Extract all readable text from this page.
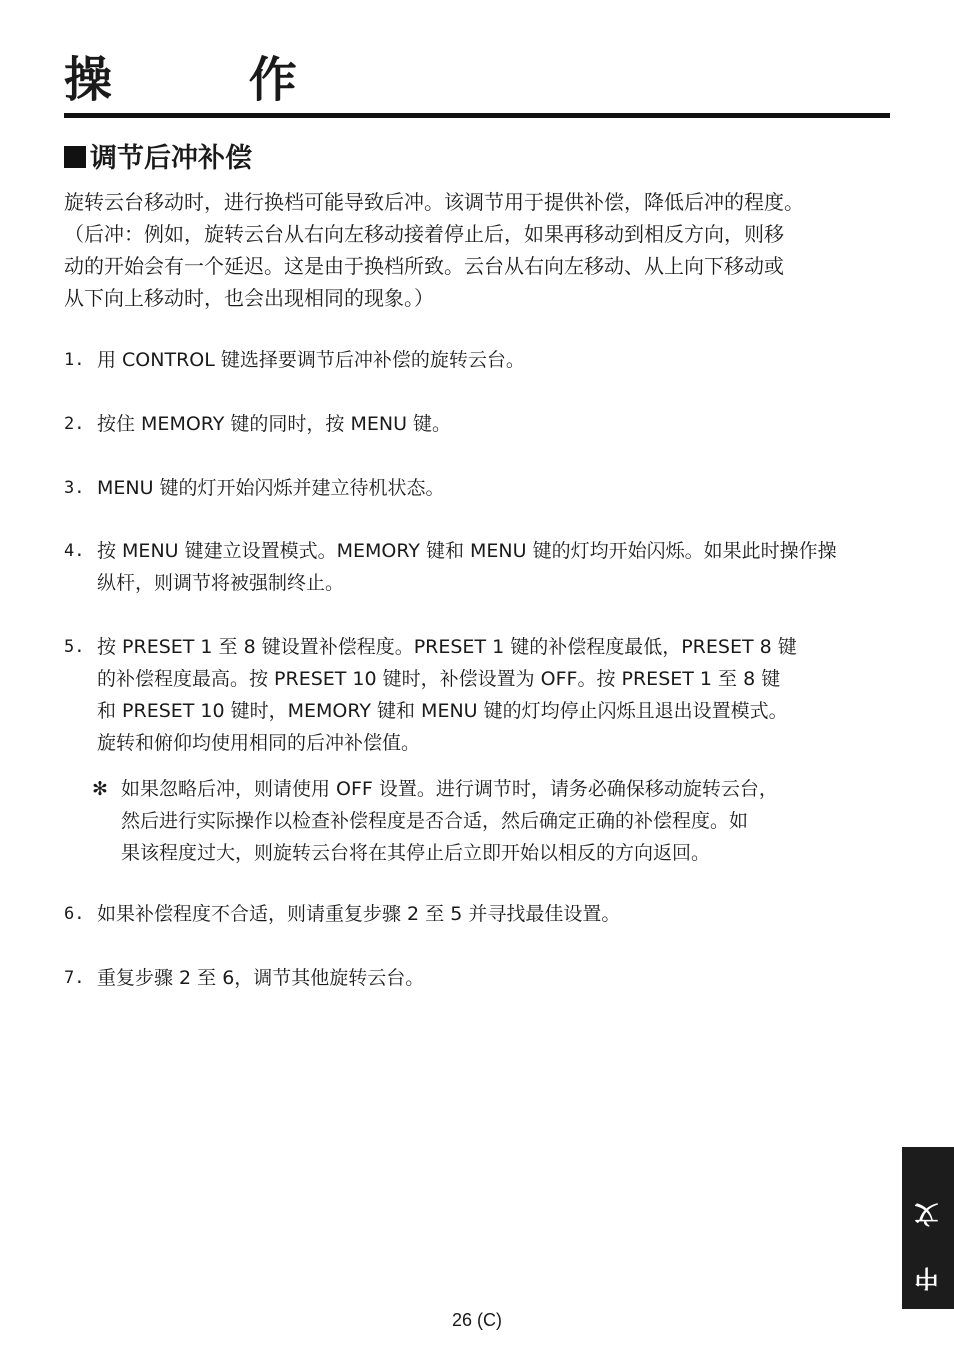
操 作
调节后冲补偿
旋转云台移动时，进行换档可能导致后冲。该调节用于提供补偿，降低后冲的程度。
（后冲：例如，旋转云台从右向左移动接着停止后，如果再移动到相反方向，则移
动的开始会有一个延迟。这是由于换档所致。云台从右向左移动、从上向下移动或
从下向上移动时，也会出现相同的现象。）
1. 用 CONTROL 键选择要调节后冲补偿的旋转云台。
2. 按住 MEMORY 键的同时，按 MENU 键。
3. MENU 键的灯开始闪烁并建立待机状态。
4. 按 MENU 键建立设置模式。MEMORY 键和 MENU 键的灯均开始闪烁。如果此时操作操
纵杆，则调节将被强制终止。
5. 按 PRESET 1 至 8 键设置补偿程度。PRESET 1 键的补偿程度最低，PRESET 8 键
的补偿程度最高。按 PRESET 10 键时，补偿设置为 OFF。按 PRESET 1 至 8 键
和 PRESET 10 键时，MEMORY 键和 MENU 键的灯均停止闪烁且退出设置模式。
旋转和俯仰均使用相同的后冲补偿值。
✻ 如果忽略后冲，则请使用 OFF 设置。进行调节时，请务必确保移动旋转云台，
然后进行实际操作以检查补偿程度是否合适，然后确定正确的补偿程度。如
果该程度过大，则旋转云台将在其停止后立即开始以相反的方向返回。
6. 如果补偿程度不合适，则请重复步骤 2 至 5 并寻找最佳设置。
7. 重复步骤 2 至 6，调节其他旋转云台。
中 文
26 (C)
